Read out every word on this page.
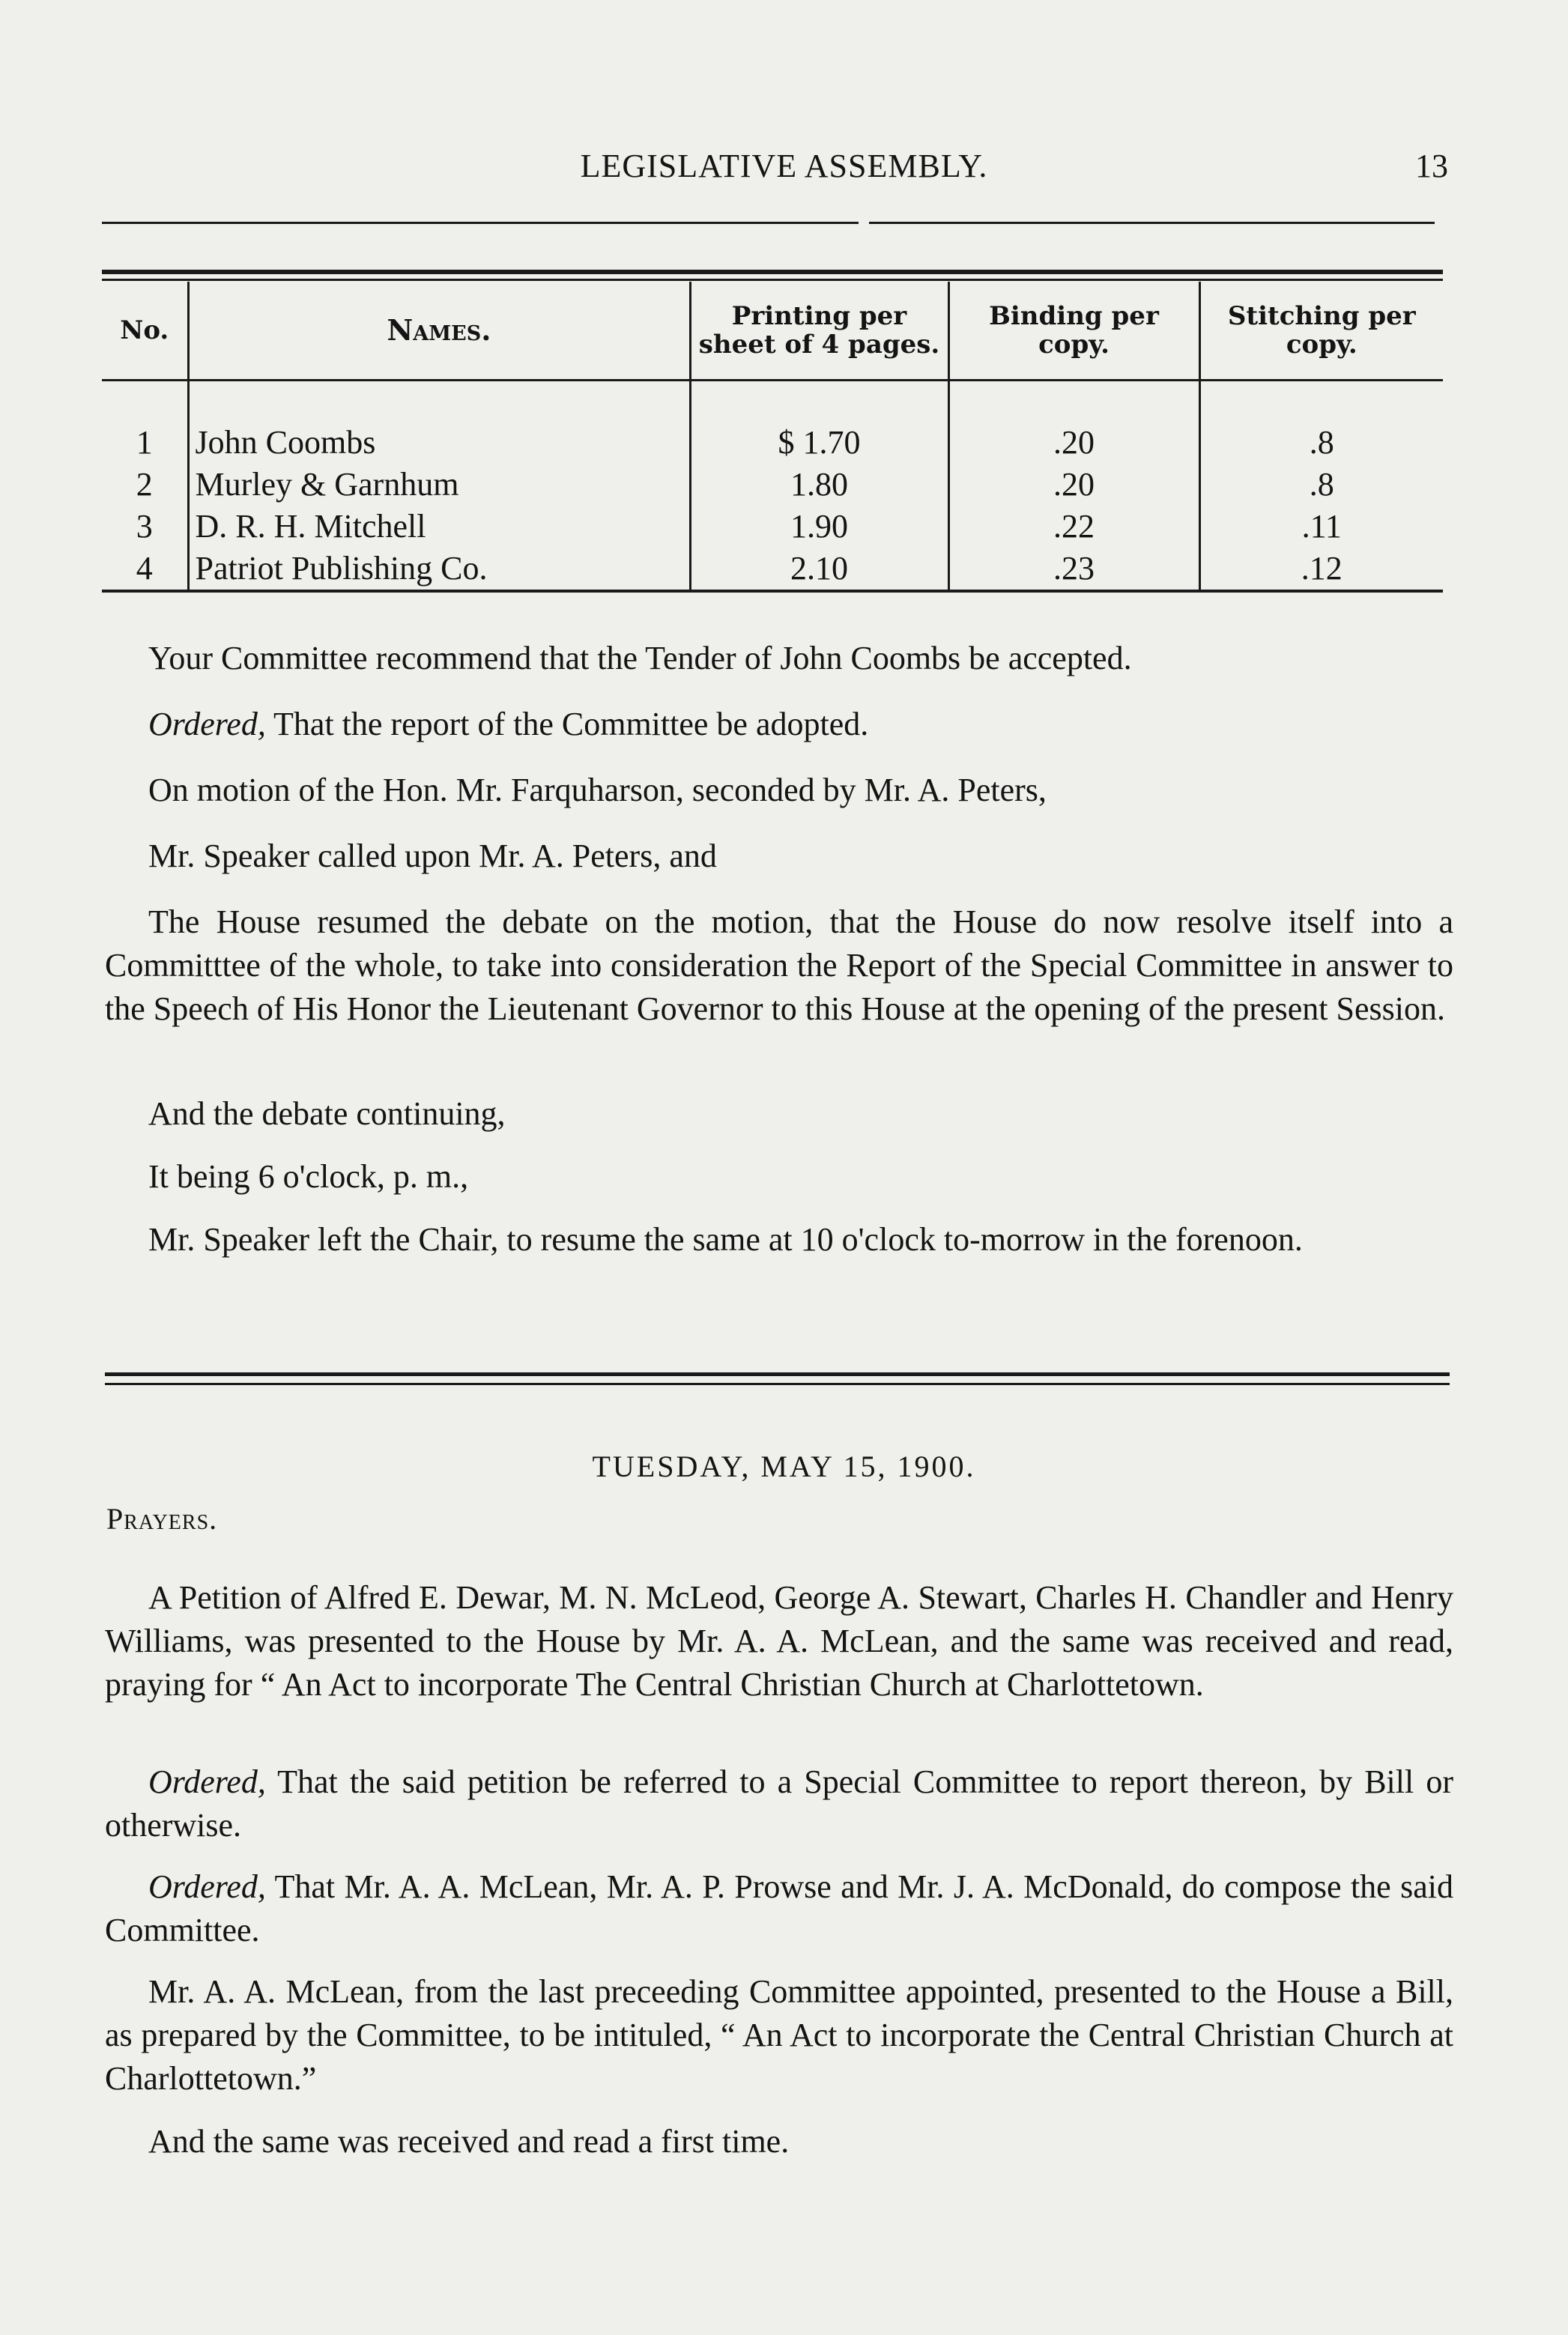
LEGISLATIVE ASSEMBLY.	13
No.	Names.	Printing per sheet of 4 pages.	Binding per copy.	Stitching per copy.
1	John Coombs	$ 1.70	.20	.8
2	Murley & Garnhum	1.80	.20	.8
3	D. R. H. Mitchell	1.90	.22	.11
4	Patriot Publishing Co.	2.10	.23	.12
Your Committee recommend that the Tender of John Coombs be accepted.
Ordered, That the report of the Committee be adopted.
On motion of the Hon. Mr. Farquharson, seconded by Mr. A. Peters,
Mr. Speaker called upon Mr. A. Peters, and
The House resumed the debate on the motion, that the House do now resolve itself into a Committtee of the whole, to take into consideration the Report of the Special Committee in answer to the Speech of His Honor the Lieutenant Governor to this House at the opening of the present Session.
And the debate continuing,
It being 6 o'clock, p. m.,
Mr. Speaker left the Chair, to resume the same at 10 o'clock to-morrow in the forenoon.
TUESDAY, MAY 15, 1900.
Prayers.
A Petition of Alfred E. Dewar, M. N. McLeod, George A. Stewart, Charles H. Chandler and Henry Williams, was presented to the House by Mr. A. A. McLean, and the same was received and read, praying for “ An Act to incorporate The Central Christian Church at Charlottetown.
Ordered, That the said petition be referred to a Special Committee to report thereon, by Bill or otherwise.
Ordered, That Mr. A. A. McLean, Mr. A. P. Prowse and Mr. J. A. McDonald, do compose the said Committee.
Mr. A. A. McLean, from the last preceeding Committee appointed, presented to the House a Bill, as prepared by the Committee, to be intituled, “ An Act to incorporate the Central Christian Church at Charlottetown.”
And the same was received and read a first time.
